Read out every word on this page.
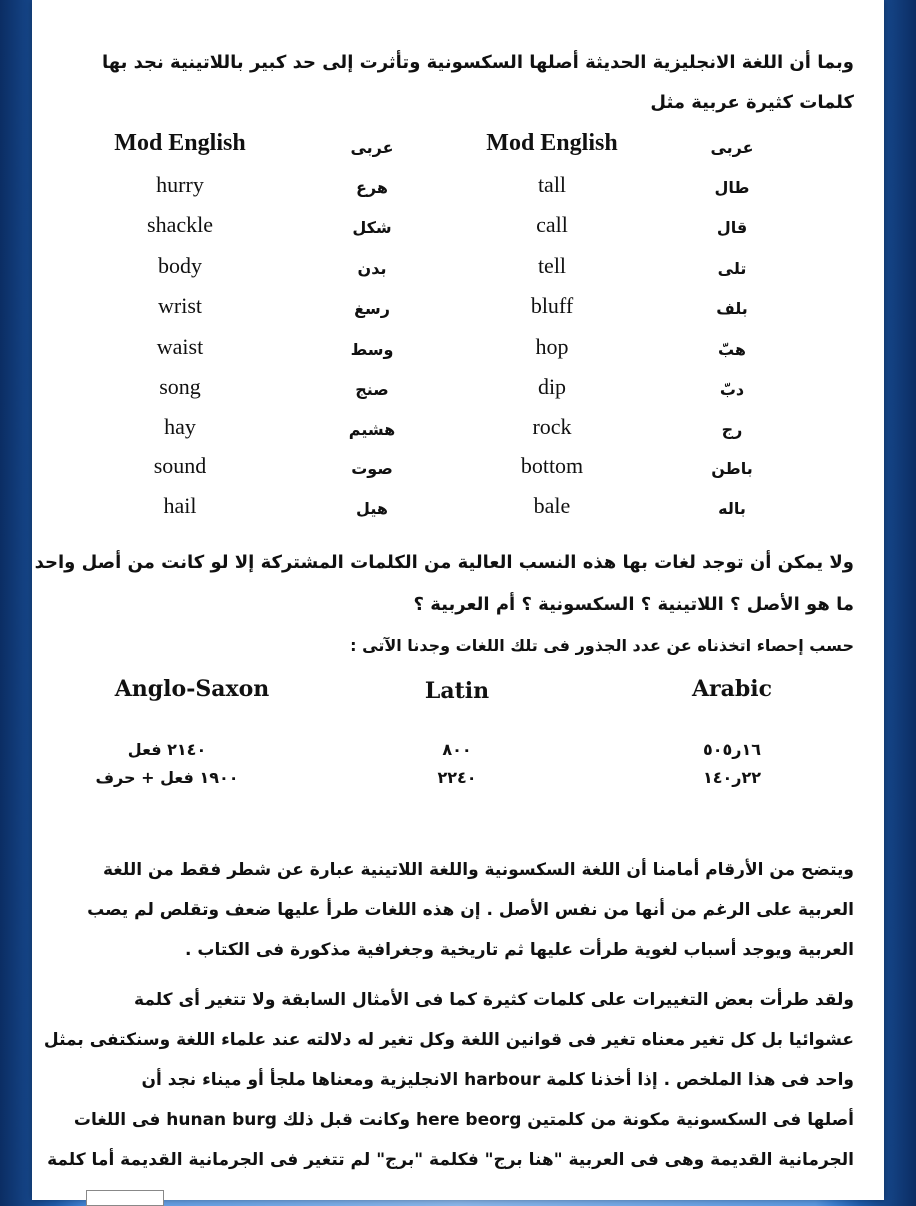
وبما أن اللغة الانجليزية الحديثة أصلها السكسونية وتأثرت إلى حد كبير باللاتينية نجد بها
كلمات كثيرة عربية مثل
Mod English	عربى	Mod English	عربى
hurry	هرع	tall	طال
shackle	شكل	call	قال
body	بدن	tell	تلى
wrist	رسغ	bluff	بلف
waist	وسط	hop	هبّ
song	صنج	dip	دبّ
hay	هشيم	rock	رج
sound	صوت	bottom	باطن
hail	هيل	bale	باله
ولا يمكن أن توجد لغات بها هذه النسب العالية من الكلمات المشتركة إلا لو كانت من أصل واحد
ما هو الأصل ؟ اللاتينية ؟ السكسونية ؟ أم العربية ؟
حسب إحصاء اتخذناه عن عدد الجذور فى تلك اللغات وجدنا الآتى :
Anglo-Saxon	Latin	Arabic
٢١٤٠ فعل	٨٠٠	١٦ر٥٠٥
١٩٠٠ فعل + حرف	٢٢٤٠	٢٢ر١٤٠
ويتضح من الأرقام أمامنا أن اللغة السكسونية واللغة اللاتينية عبارة عن شطر فقط من اللغة
العربية على الرغم من أنها من نفس الأصل . إن هذه اللغات طرأ عليها ضعف وتقلص لم يصب
العربية ويوجد أسباب لغوية طرأت عليها ثم تاريخية وجغرافية مذكورة فى الكتاب .
ولقد طرأت بعض التغييرات على كلمات كثيرة كما فى الأمثال السابقة ولا تتغير أى كلمة
عشوائيا بل كل تغير معناه تغير فى قوانين اللغة وكل تغير له دلالته عند علماء اللغة وسنكتفى بمثل
واحد فى هذا الملخص . إذا أخذنا كلمة harbour الانجليزية ومعناها ملجأ أو ميناء نجد أن
أصلها فى السكسونية مكونة من كلمتين here beorg وكانت قبل ذلك hunan burg فى اللغات
الجرمانية القديمة وهى فى العربية "هنا برج" فكلمة "برج" لم تتغير فى الجرمانية القديمة أما كلمة
